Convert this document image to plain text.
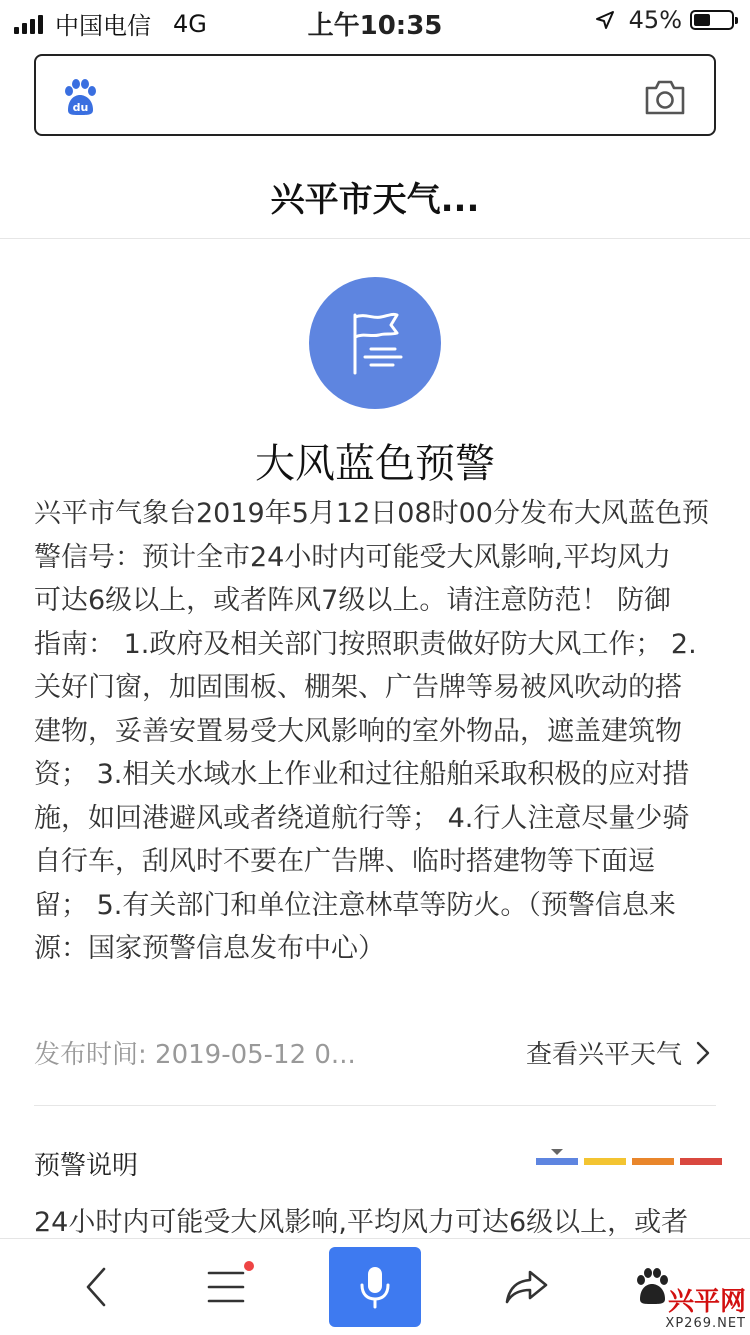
中国电信 4G	上午10:35	45%
du
兴平市天气...
大风蓝色预警
兴平市气象台2019年5月12日08时00分发布大风蓝色预
警信号：预计全市24小时内可能受大风影响,平均风力
可达6级以上，或者阵风7级以上。请注意防范！ 防御
指南： 1.政府及相关部门按照职责做好防大风工作； 2.
关好门窗，加固围板、棚架、广告牌等易被风吹动的搭
建物，妥善安置易受大风影响的室外物品，遮盖建筑物
资； 3.相关水域水上作业和过往船舶采取积极的应对措
施，如回港避风或者绕道航行等； 4.行人注意尽量少骑
自行车，刮风时不要在广告牌、临时搭建物等下面逗
留； 5.有关部门和单位注意林草等防火。（预警信息来
源：国家预警信息发布中心）
发布时间: 2019-05-12 0...	查看兴平天气
预警说明
24小时内可能受大风影响,平均风力可达6级以上，或者
兴平网
XP269.NET
